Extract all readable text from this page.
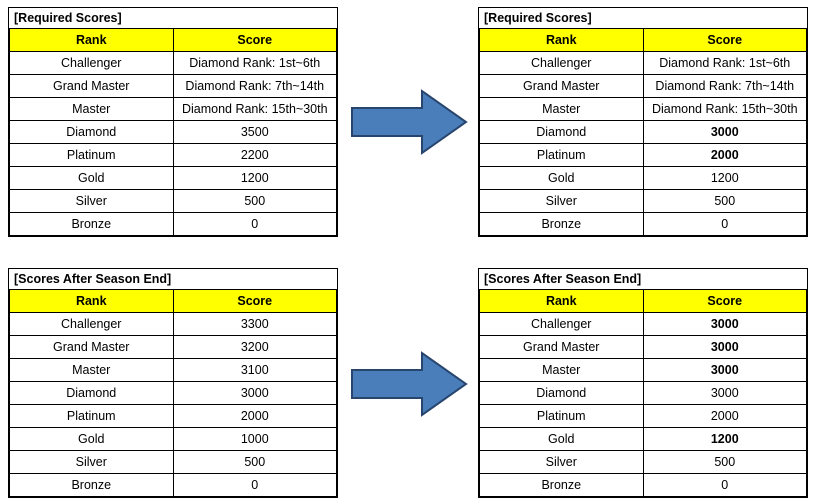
[Required Scores]
Rank	Score
Challenger	Diamond Rank: 1st~6th
Grand Master	Diamond Rank: 7th~14th
Master	Diamond Rank: 15th~30th
Diamond	3500
Platinum	2200
Gold	1200
Silver	500
Bronze	0
[Required Scores]
Rank	Score
Challenger	Diamond Rank: 1st~6th
Grand Master	Diamond Rank: 7th~14th
Master	Diamond Rank: 15th~30th
Diamond	3000
Platinum	2000
Gold	1200
Silver	500
Bronze	0
[Scores After Season End]
Rank	Score
Challenger	3300
Grand Master	3200
Master	3100
Diamond	3000
Platinum	2000
Gold	1000
Silver	500
Bronze	0
[Scores After Season End]
Rank	Score
Challenger	3000
Grand Master	3000
Master	3000
Diamond	3000
Platinum	2000
Gold	1200
Silver	500
Bronze	0
